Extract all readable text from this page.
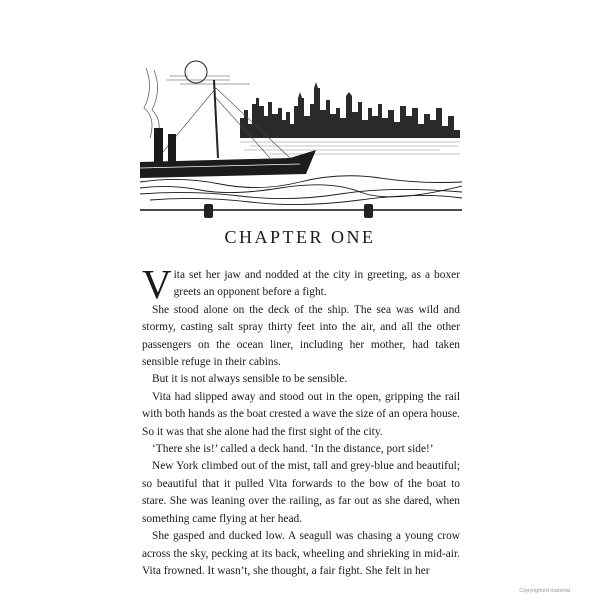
CHAPTER ONE

Vita set her jaw and nodded at the city in greeting, as a boxer greets an opponent before a fight.

She stood alone on the deck of the ship. The sea was wild and stormy, casting salt spray thirty feet into the air, and all the other passengers on the ocean liner, including her mother, had taken sensible refuge in their cabins.

But it is not always sensible to be sensible.

Vita had slipped away and stood out in the open, gripping the rail with both hands as the boat crested a wave the size of an opera house. So it was that she alone had the first sight of the city.

‘There she is!’ called a deck hand. ‘In the distance, port side!’

New York climbed out of the mist, tall and grey-blue and beautiful; so beautiful that it pulled Vita forwards to the bow of the boat to stare. She was leaning over the railing, as far out as she dared, when something came flying at her head.

She gasped and ducked low. A seagull was chasing a young crow across the sky, pecking at its back, wheeling and shrieking in mid-air. Vita frowned. It wasn’t, she thought, a fair fight. She felt in her

Copyrighted material
